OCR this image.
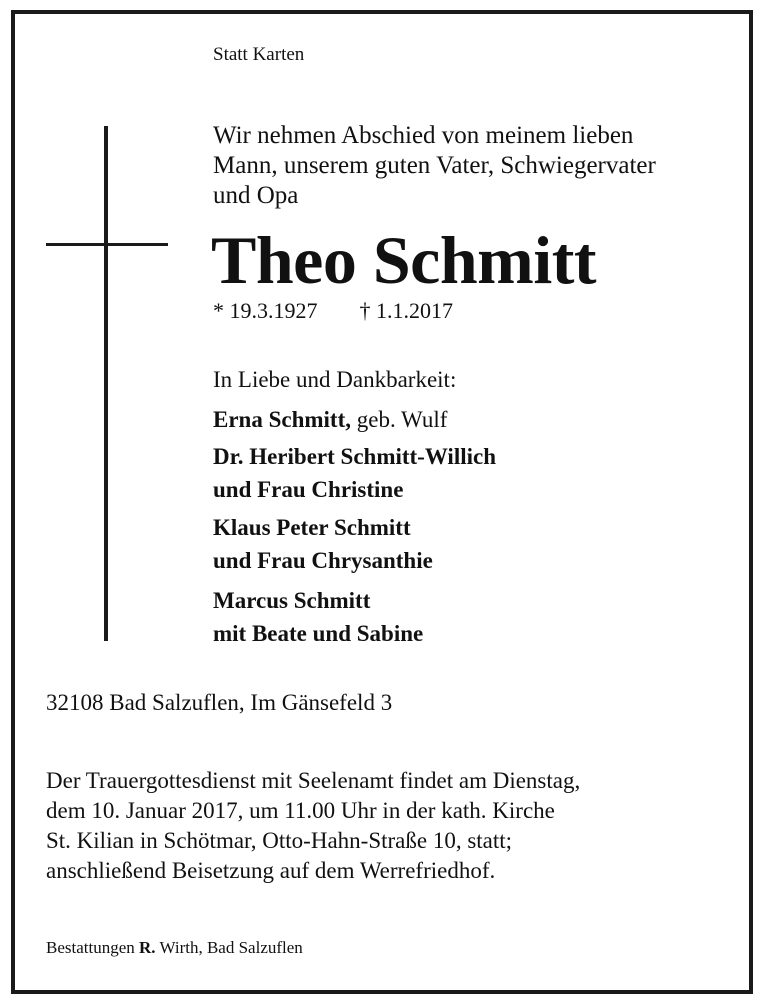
Statt Karten
Wir nehmen Abschied von meinem lieben
Mann, unserem guten Vater, Schwiegervater
und Opa
Theo Schmitt
* 19.3.1927 † 1.1.2017
In Liebe und Dankbarkeit:
Erna Schmitt, geb. Wulf
Dr. Heribert Schmitt-Willich
und Frau Christine
Klaus Peter Schmitt
und Frau Chrysanthie
Marcus Schmitt
mit Beate und Sabine
32108 Bad Salzuflen, Im Gänsefeld 3
Der Trauergottesdienst mit Seelenamt findet am Dienstag,
dem 10. Januar 2017, um 11.00 Uhr in der kath. Kirche
St. Kilian in Schötmar, Otto-Hahn-Straße 10, statt;
anschließend Beisetzung auf dem Werrefriedhof.
Bestattungen R. Wirth, Bad Salzuflen
